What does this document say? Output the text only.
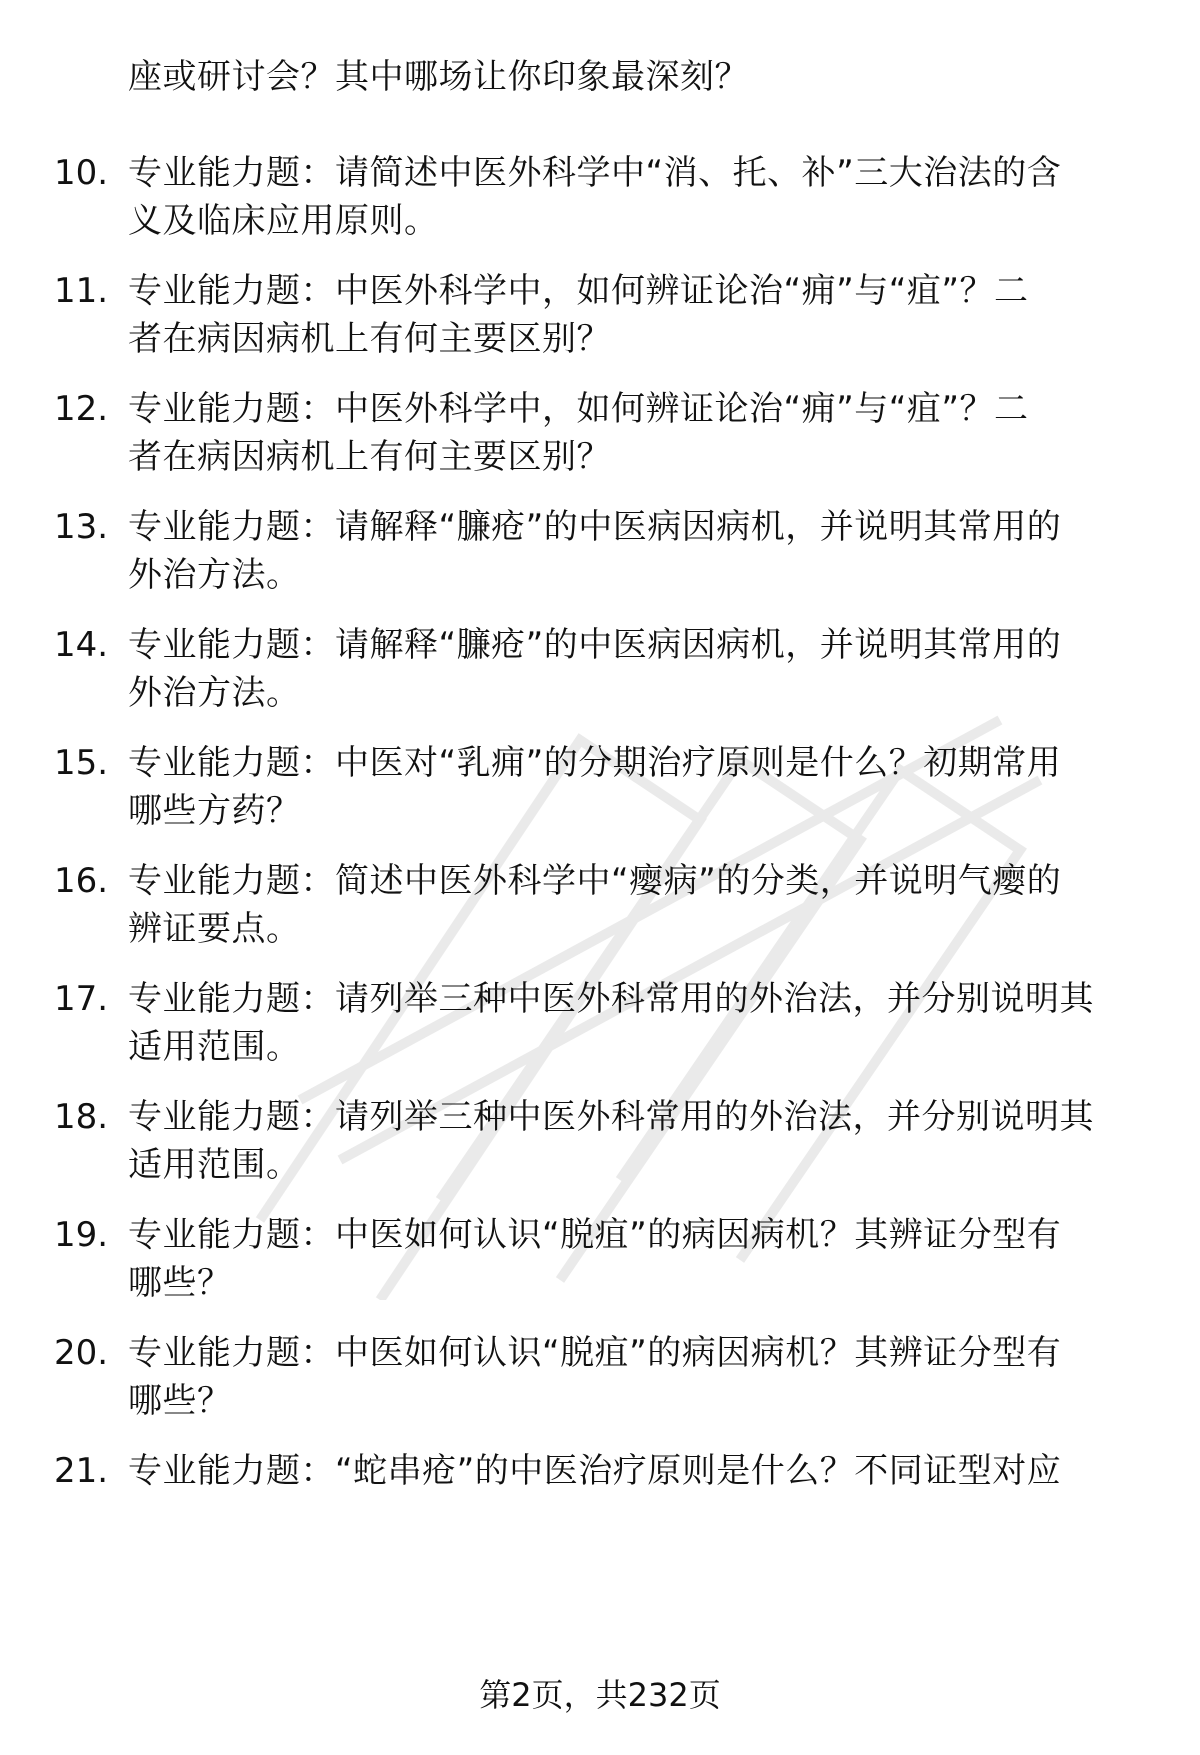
座或研讨会？其中哪场让你印象最深刻？
10. 专业能力题：请简述中医外科学中“消、托、补”三大治法的含
义及临床应用原则。
11. 专业能力题：中医外科学中，如何辨证论治“痈”与“疽”？二
者在病因病机上有何主要区别？
12. 专业能力题：中医外科学中，如何辨证论治“痈”与“疽”？二
者在病因病机上有何主要区别？
13. 专业能力题：请解释“臁疮”的中医病因病机，并说明其常用的
外治方法。
14. 专业能力题：请解释“臁疮”的中医病因病机，并说明其常用的
外治方法。
15. 专业能力题：中医对“乳痈”的分期治疗原则是什么？初期常用
哪些方药？
16. 专业能力题：简述中医外科学中“瘿病”的分类，并说明气瘿的
辨证要点。
17. 专业能力题：请列举三种中医外科常用的外治法，并分别说明其
适用范围。
18. 专业能力题：请列举三种中医外科常用的外治法，并分别说明其
适用范围。
19. 专业能力题：中医如何认识“脱疽”的病因病机？其辨证分型有
哪些？
20. 专业能力题：中医如何认识“脱疽”的病因病机？其辨证分型有
哪些？
21. 专业能力题：“蛇串疮”的中医治疗原则是什么？不同证型对应
第2页，共232页
